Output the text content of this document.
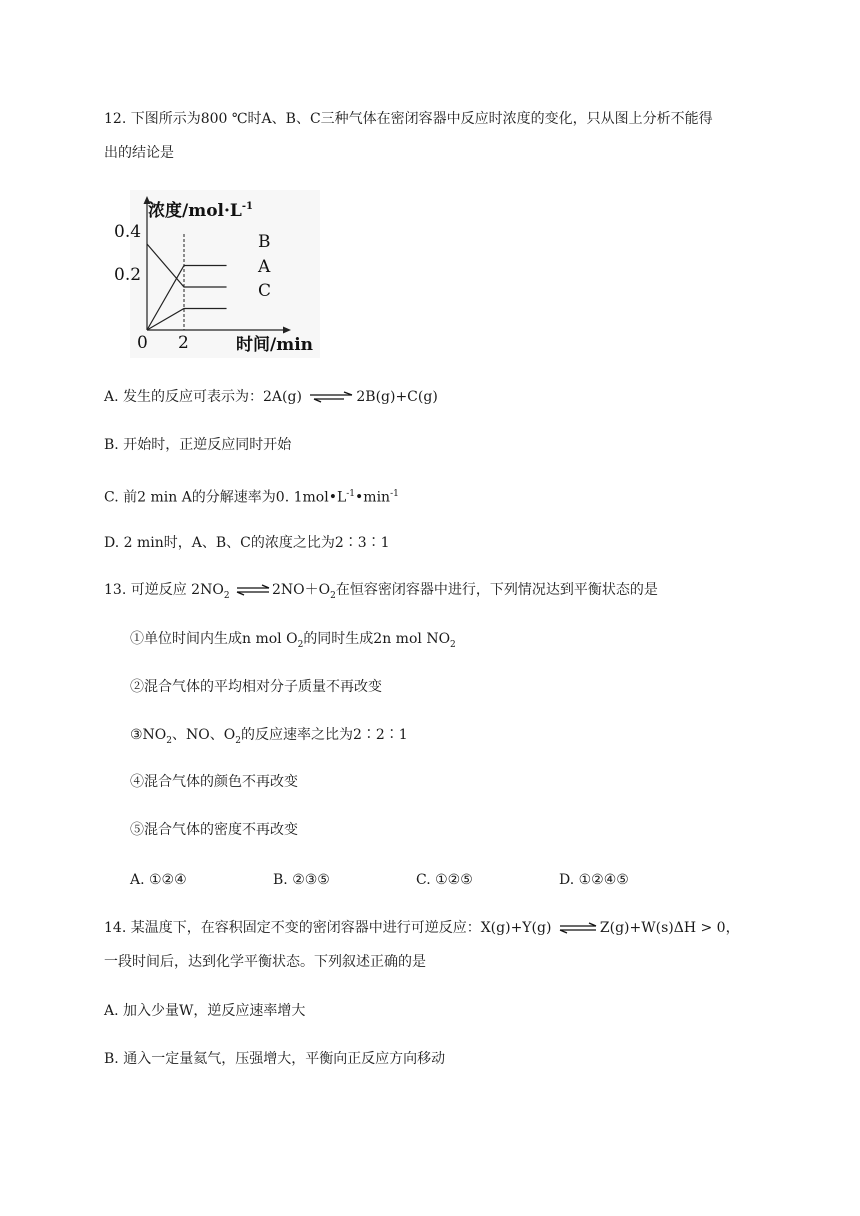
12. 下图所示为800 ℃时A、B、C三种气体在密闭容器中反应时浓度的变化，只从图上分析不能得
出的结论是
浓度$/mol\cdot L^{-1}$
0.4
0.2
0 2	时间/min
B
A
C
A. 发生的反应可表示为：2A(g) ⇌ 2B(g)+C(g)
B. 开始时，正逆反应同时开始
C. 前2 min A的分解速率为0. $1mol•L^{-1}•\min^{-1}$
D. 2 min时，A、B、C的浓度之比为2∶3∶1
13. 可逆反应 $2NO_2$ ⇌ $2NO+O_2$在恒容密闭容器中进行，下列情况达到平衡状态的是
①单位时间内生成n mol $O_2$的同时生成2n mol $NO_2$
②混合气体的平均相对分子质量不再改变
$③NO_2$、NO、$O_2$的反应速率之比为2∶2∶1
④混合气体的颜色不再改变
⑤混合气体的密度不再改变
A. ①②④	B. ②③⑤	C. ①②⑤	D. ①②④⑤
14. 某温度下，在容积固定不变的密闭容器中进行可逆反应：X(g)+Y(g) ⇌ Z(g)+W(s)ΔH > 0，
一段时间后，达到化学平衡状态。下列叙述正确的是
A. 加入少量W，逆反应速率增大
B. 通入一定量氦气，压强增大，平衡向正反应方向移动
